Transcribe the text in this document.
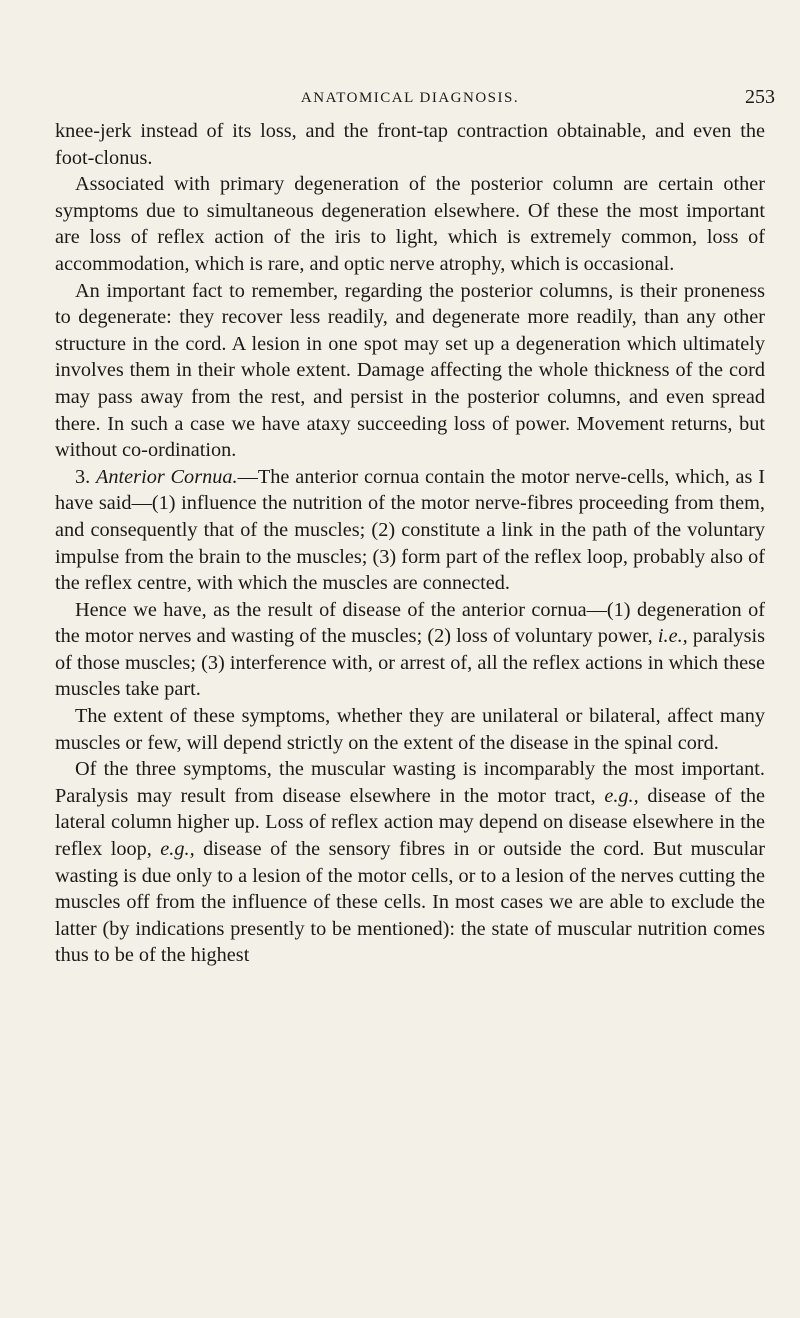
ANATOMICAL DIAGNOSIS.	253

knee-jerk instead of its loss, and the front-tap contraction obtainable, and even the foot-clonus.

Associated with primary degeneration of the posterior column are certain other symptoms due to simultaneous degeneration elsewhere. Of these the most important are loss of reflex action of the iris to light, which is extremely common, loss of accommodation, which is rare, and optic nerve atrophy, which is occasional.

An important fact to remember, regarding the posterior columns, is their proneness to degenerate: they recover less readily, and degenerate more readily, than any other structure in the cord. A lesion in one spot may set up a degeneration which ultimately involves them in their whole extent. Damage affecting the whole thickness of the cord may pass away from the rest, and persist in the posterior columns, and even spread there. In such a case we have ataxy succeeding loss of power. Movement returns, but without co-ordination.

3. Anterior Cornua.—The anterior cornua contain the motor nerve-cells, which, as I have said—(1) influence the nutrition of the motor nerve-fibres proceeding from them, and consequently that of the muscles; (2) constitute a link in the path of the voluntary impulse from the brain to the muscles; (3) form part of the reflex loop, probably also of the reflex centre, with which the muscles are connected.

Hence we have, as the result of disease of the anterior cornua—(1) degeneration of the motor nerves and wasting of the muscles; (2) loss of voluntary power, i.e., paralysis of those muscles; (3) interference with, or arrest of, all the reflex actions in which these muscles take part.

The extent of these symptoms, whether they are unilateral or bilateral, affect many muscles or few, will depend strictly on the extent of the disease in the spinal cord.

Of the three symptoms, the muscular wasting is incomparably the most important. Paralysis may result from disease elsewhere in the motor tract, e.g., disease of the lateral column higher up. Loss of reflex action may depend on disease elsewhere in the reflex loop, e.g., disease of the sensory fibres in or outside the cord. But muscular wasting is due only to a lesion of the motor cells, or to a lesion of the nerves cutting the muscles off from the influence of these cells. In most cases we are able to exclude the latter (by indications presently to be mentioned): the state of muscular nutrition comes thus to be of the highest
